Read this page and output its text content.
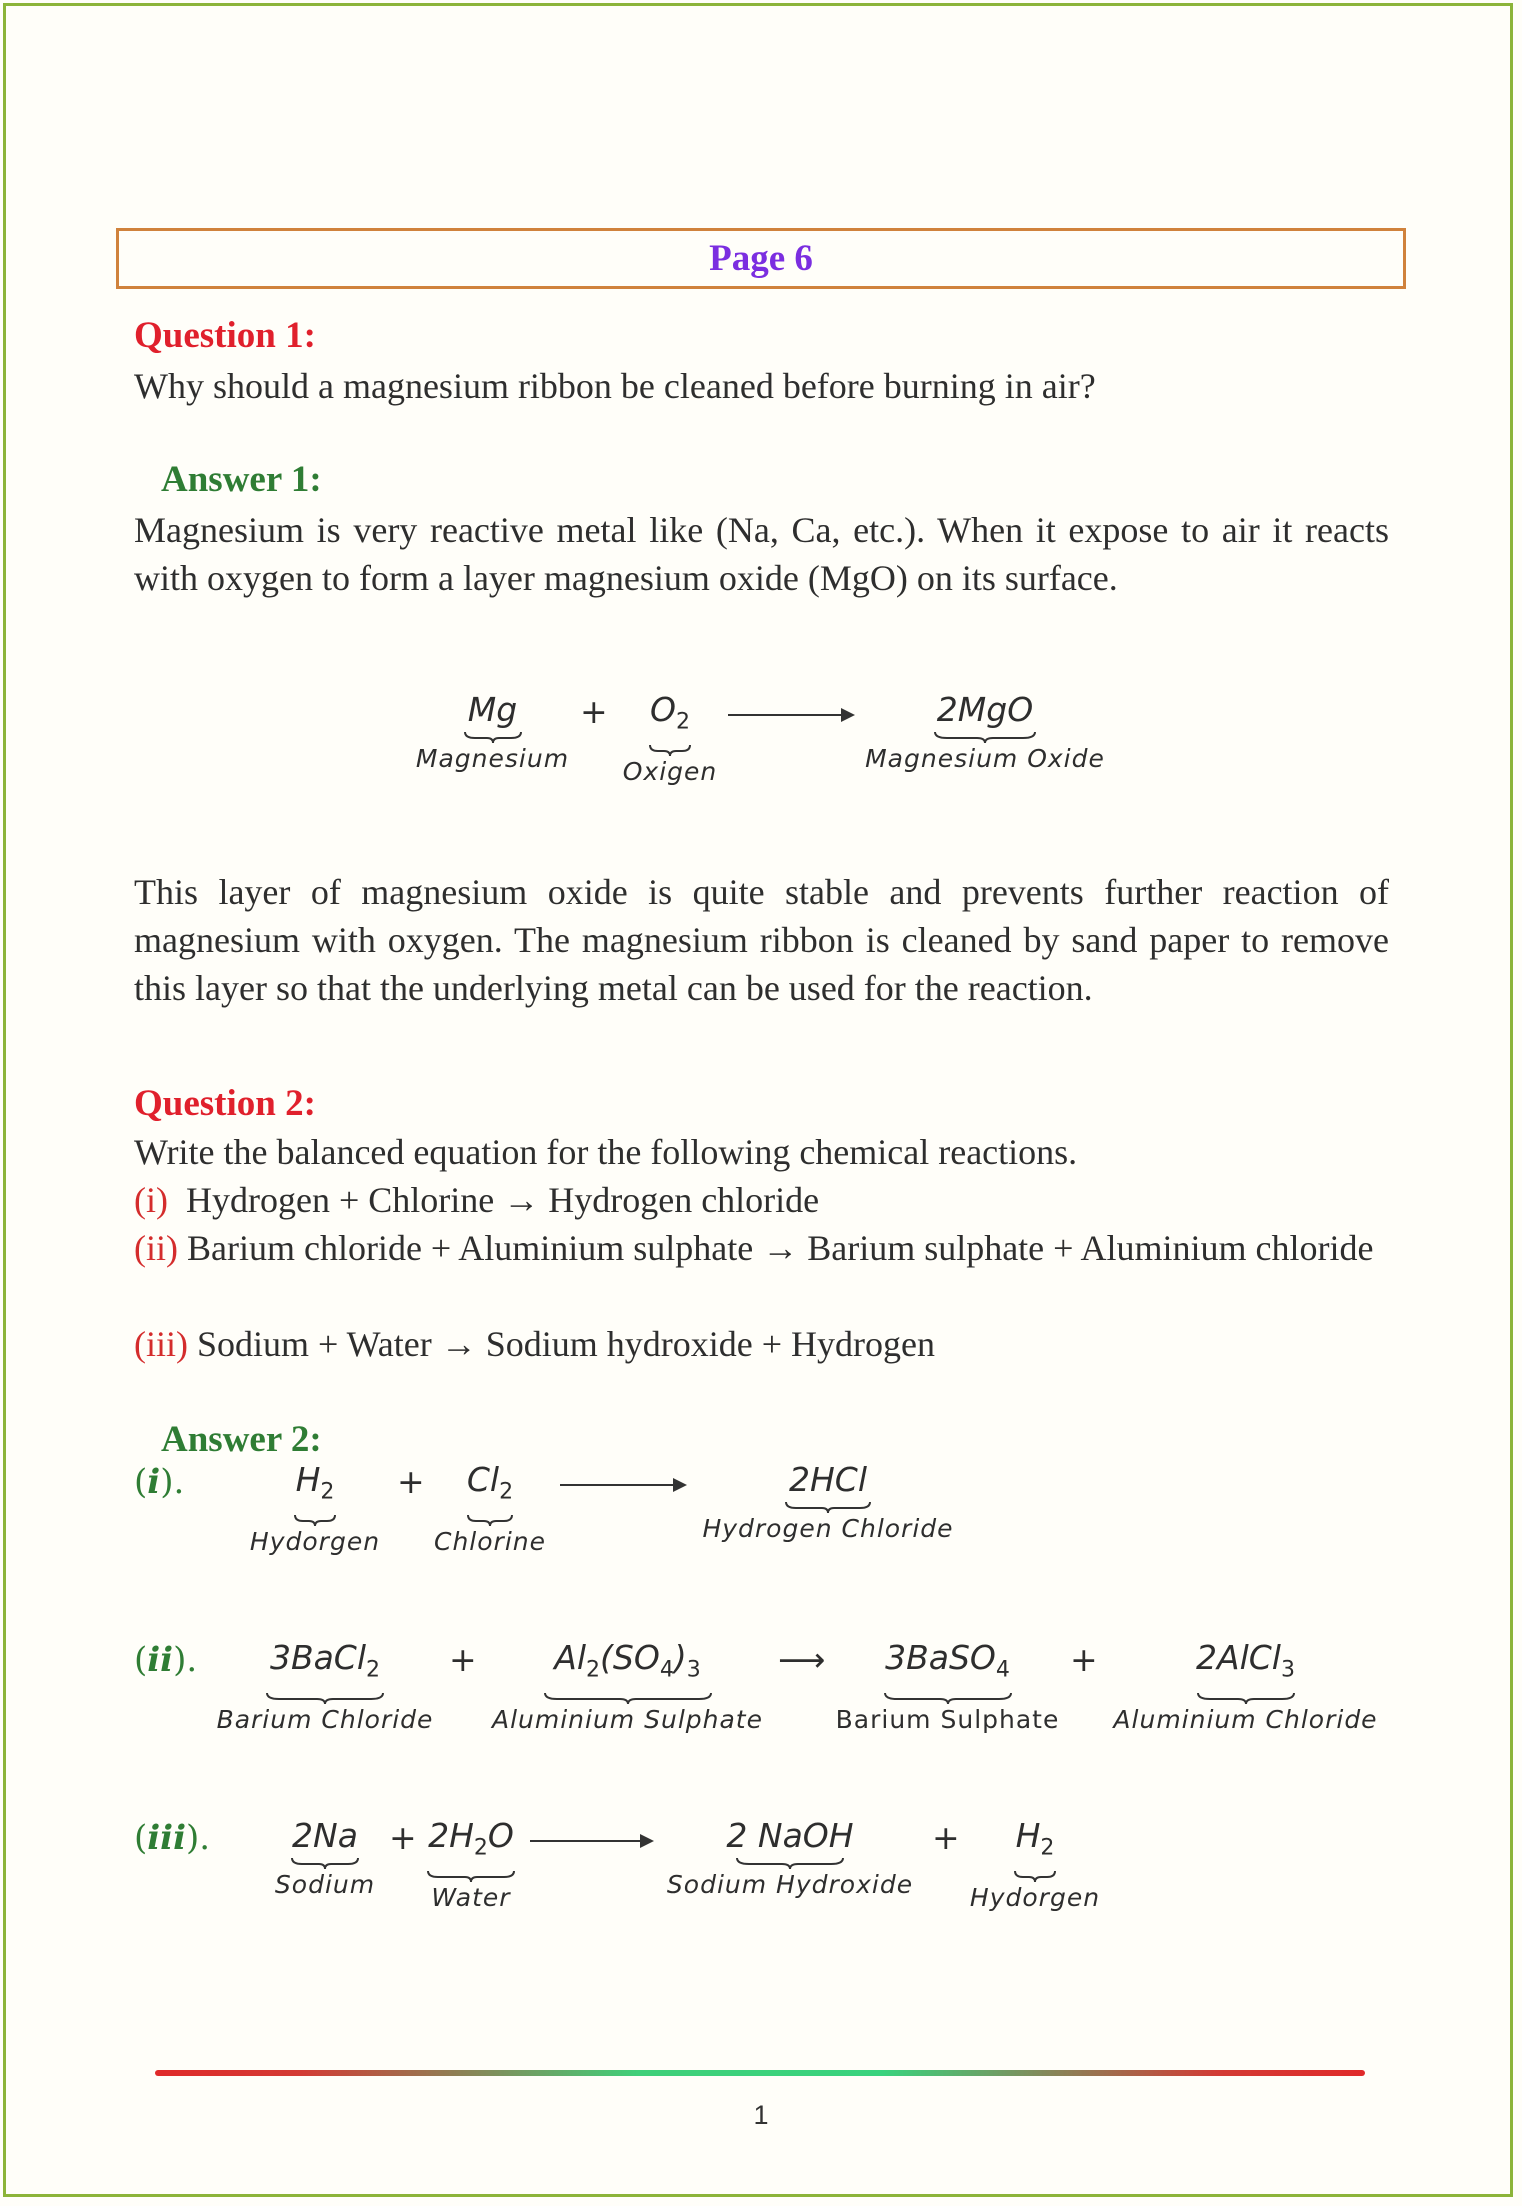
Page 6
Question 1:
Why should a magnesium ribbon be cleaned before burning in air?
Answer 1:
Magnesium is very reactive metal like (Na, Ca, etc.). When it expose to air it reacts with oxygen to form a layer magnesium oxide (MgO) on its surface.
Mg
Magnesium
+	$O_2$
Oxigen
2MgO
Magnesium Oxide
This layer of magnesium oxide is quite stable and prevents further reaction of magnesium with oxygen. The magnesium ribbon is cleaned by sand paper to remove this layer so that the underlying metal can be used for the reaction.
Question 2:
Write the balanced equation for the following chemical reactions.
(i) Hydrogen + Chlorine → Hydrogen chloride
(ii) Barium chloride + Aluminium sulphate → Barium sulphate + Aluminium chloride
(iii) Sodium + Water → Sodium hydroxide + Hydrogen
Answer 2:
(i).	$H_2$
Hydorgen
+	$Cl_2$
Chlorine
2HCl
Hydrogen Chloride
(ii).	3BaCl$_2$
Barium Chloride
+	$Al_2(SO_4)_3$
Aluminium Sulphate
⟶	3BaSO$_4$
Barium Sulphate
+	2AlCl$_3$
Aluminium Chloride
(iii).	2Na
Sodium
+ $2H_2O$
Water
2 NaOH
Sodium Hydroxide
+	$H_2$
Hydorgen
1
